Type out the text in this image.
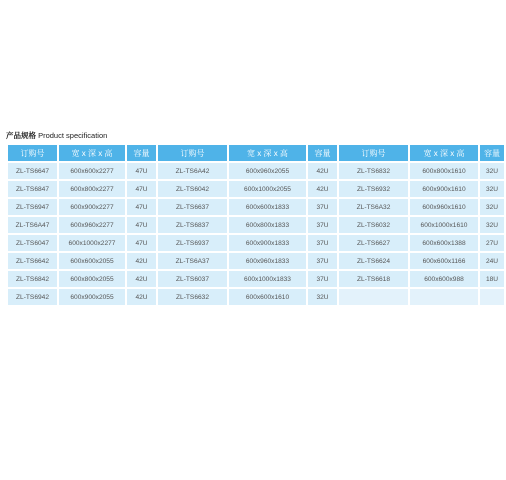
产品规格 Product specification
订购号	宽 x 深 x 高	容量	订购号	宽 x 深 x 高	容量	订购号	宽 x 深 x 高	容量
ZL-TS6647	600x600x2277	47U	ZL-TS6A42	600x960x2055	42U	ZL-TS6832	600x800x1610	32U
ZL-TS6847	600x800x2277	47U	ZL-TS6042	600x1000x2055	42U	ZL-TS6932	600x900x1610	32U
ZL-TS6947	600x900x2277	47U	ZL-TS6637	600x600x1833	37U	ZL-TS6A32	600x960x1610	32U
ZL-TS6A47	600x960x2277	47U	ZL-TS6837	600x800x1833	37U	ZL-TS6032	600x1000x1610	32U
ZL-TS6047	600x1000x2277	47U	ZL-TS6937	600x900x1833	37U	ZL-TS6627	600x600x1388	27U
ZL-TS6642	600x600x2055	42U	ZL-TS6A37	600x960x1833	37U	ZL-TS6624	600x600x1166	24U
ZL-TS6842	600x800x2055	42U	ZL-TS6037	600x1000x1833	37U	ZL-TS6618	600x600x988	18U
ZL-TS6942	600x900x2055	42U	ZL-TS6632	600x600x1610	32U			
